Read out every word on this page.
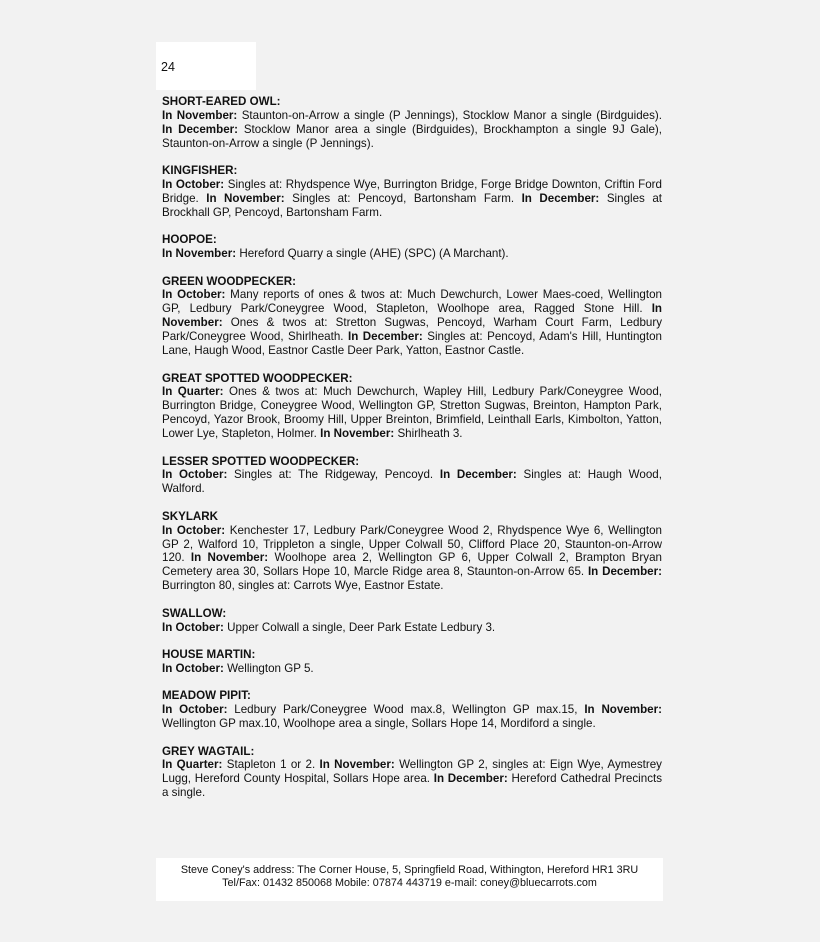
24

SHORT-EARED OWL:

In November: Staunton-on-Arrow a single (P Jennings), Stocklow Manor a single (Birdguides). In December: Stocklow Manor area a single (Birdguides), Brockhampton a single 9J Gale), Staunton-on-Arrow a single (P Jennings).

KINGFISHER:

In October: Singles at: Rhydspence Wye, Burrington Bridge, Forge Bridge Downton, Criftin Ford Bridge. In November: Singles at: Pencoyd, Bartonsham Farm. In December: Singles at Brockhall GP, Pencoyd, Bartonsham Farm.

HOOPOE:

In November: Hereford Quarry a single (AHE) (SPC) (A Marchant).

GREEN WOODPECKER:

In October: Many reports of ones & twos at: Much Dewchurch, Lower Maes-coed, Wellington GP, Ledbury Park/Coneygree Wood, Stapleton, Woolhope area, Ragged Stone Hill. In November: Ones & twos at: Stretton Sugwas, Pencoyd, Warham Court Farm, Ledbury Park/Coneygree Wood, Shirlheath. In December: Singles at: Pencoyd, Adam's Hill, Huntington Lane, Haugh Wood, Eastnor Castle Deer Park, Yatton, Eastnor Castle.

GREAT SPOTTED WOODPECKER:

In Quarter: Ones & twos at: Much Dewchurch, Wapley Hill, Ledbury Park/Coneygree Wood, Burrington Bridge, Coneygree Wood, Wellington GP, Stretton Sugwas, Breinton, Hampton Park, Pencoyd, Yazor Brook, Broomy Hill, Upper Breinton, Brimfield, Leinthall Earls, Kimbolton, Yatton, Lower Lye, Stapleton, Holmer. In November: Shirlheath 3.

LESSER SPOTTED WOODPECKER:

In October: Singles at: The Ridgeway, Pencoyd. In December: Singles at: Haugh Wood, Walford.

SKYLARK

In October: Kenchester 17, Ledbury Park/Coneygree Wood 2, Rhydspence Wye 6, Wellington GP 2, Walford 10, Trippleton a single, Upper Colwall 50, Clifford Place 20, Staunton-on-Arrow 120. In November: Woolhope area 2, Wellington GP 6, Upper Colwall 2, Brampton Bryan Cemetery area 30, Sollars Hope 10, Marcle Ridge area 8, Staunton-on-Arrow 65. In December: Burrington 80, singles at: Carrots Wye, Eastnor Estate.

SWALLOW:

In October: Upper Colwall a single, Deer Park Estate Ledbury 3.

HOUSE MARTIN:

In October: Wellington GP 5.

MEADOW PIPIT:

In October: Ledbury Park/Coneygree Wood max.8, Wellington GP max.15, In November: Wellington GP max.10, Woolhope area a single, Sollars Hope 14, Mordiford a single.

GREY WAGTAIL:

In Quarter: Stapleton 1 or 2. In November: Wellington GP 2, singles at: Eign Wye, Aymestrey Lugg, Hereford County Hospital, Sollars Hope area. In December: Hereford Cathedral Precincts a single.

Steve Coney's address: The Corner House, 5, Springfield Road, Withington, Hereford HR1 3RU
Tel/Fax: 01432 850068 Mobile: 07874 443719 e-mail: coney@bluecarrots.com
